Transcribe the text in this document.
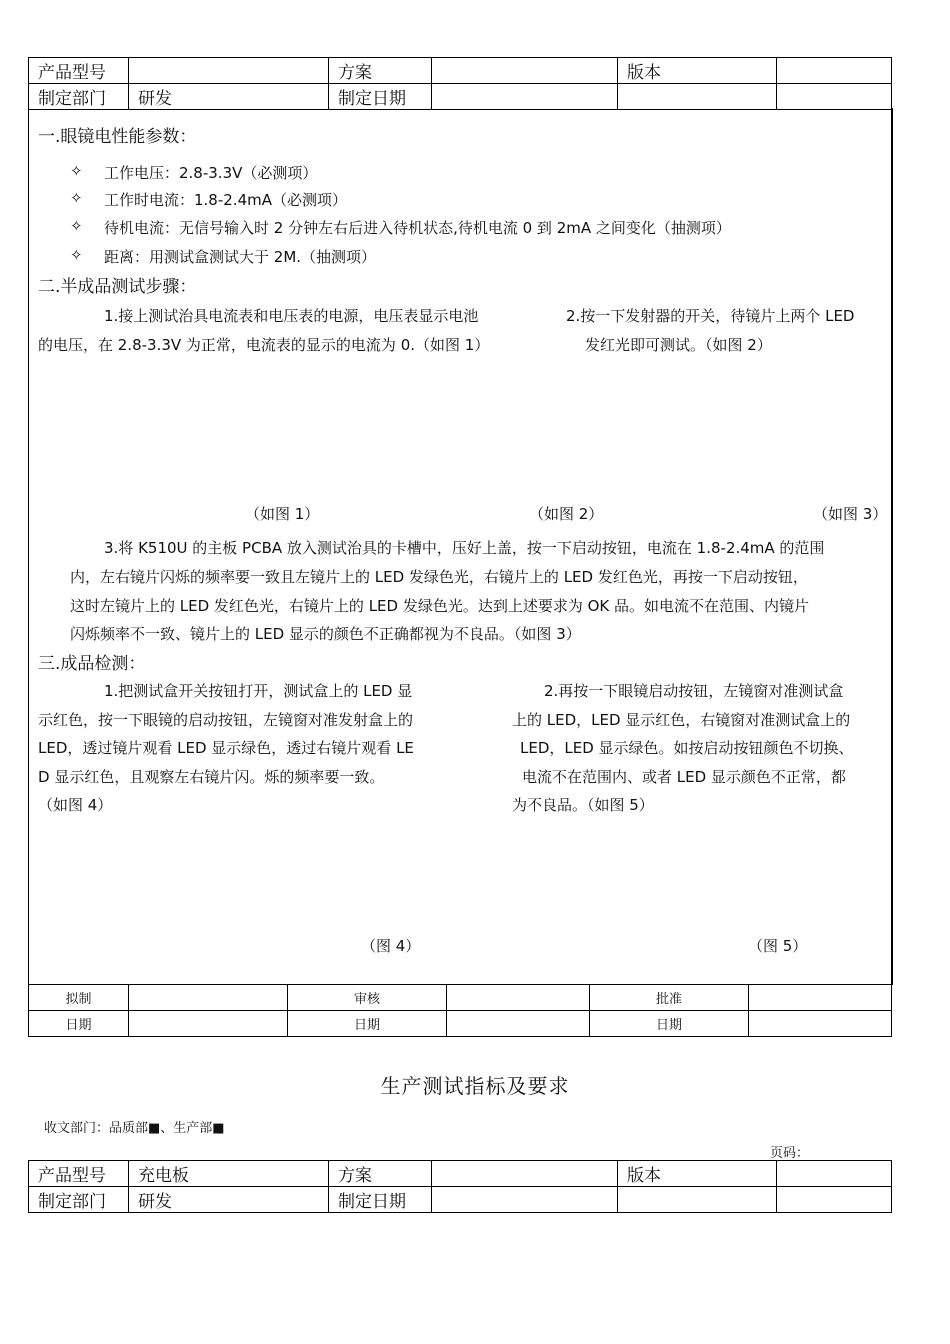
产品型号		方案		版本	
制定部门	研发	制定日期			
一.眼镜电性能参数：
✧ 工作电压：2.8-3.3V（必测项）
✧ 工作时电流：1.8-2.4mA（必测项）
✧ 待机电流：无信号输入时 2 分钟左右后进入待机状态,待机电流 0 到 2mA 之间变化（抽测项）
✧ 距离：用测试盒测试大于 2M.（抽测项）
二.半成品测试步骤：
1.接上测试治具电流表和电压表的电源，电压表显示电池
的电压，在 2.8-3.3V 为正常，电流表的显示的电流为 0.（如图 1）
2.按一下发射器的开关，待镜片上两个 LED
发红光即可测试。（如图 2）
（如图 1）	（如图 2）	（如图 3）
3.将 K510U 的主板 PCBA 放入测试治具的卡槽中，压好上盖，按一下启动按钮，电流在 1.8-2.4mA 的范围
内，左右镜片闪烁的频率要一致且左镜片上的 LED 发绿色光，右镜片上的 LED 发红色光，再按一下启动按钮，
这时左镜片上的 LED 发红色光，右镜片上的 LED 发绿色光。达到上述要求为 OK 品。如电流不在范围、内镜片
闪烁频率不一致、镜片上的 LED 显示的颜色不正确都视为不良品。（如图 3）
三.成品检测：
1.把测试盒开关按钮打开，测试盒上的 LED 显
示红色，按一下眼镜的启动按钮，左镜窗对准发射盒上的
LED，透过镜片观看 LED 显示绿色，透过右镜片观看 LE
D 显示红色，且观察左右镜片闪。烁的频率要一致。
（如图 4）
2.再按一下眼镜启动按钮，左镜窗对准测试盒
上的 LED，LED 显示红色，右镜窗对准测试盒上的
LED，LED 显示绿色。如按启动按钮颜色不切换、
电流不在范围内、或者 LED 显示颜色不正常，都
为不良品。（如图 5）
（图 4）	（图 5）
拟制		审核		批准	
日期		日期		日期	
生产测试指标及要求
收文部门：品质部■、生产部■
页码：
产品型号	充电板	方案		版本	
制定部门	研发	制定日期			
